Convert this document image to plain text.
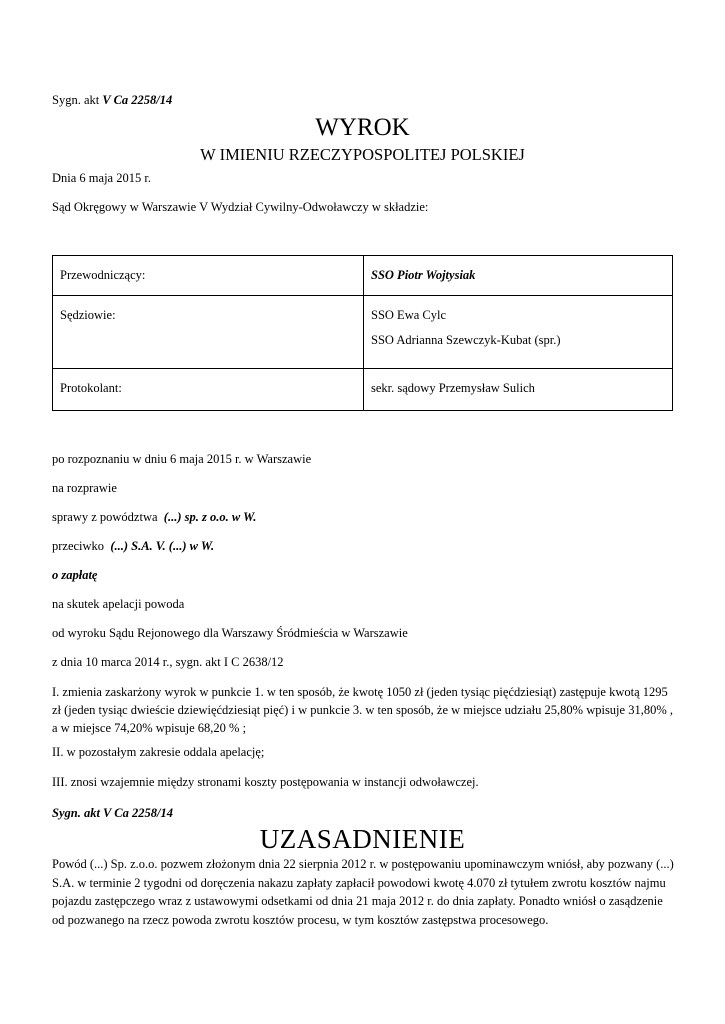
Sygn. akt V Ca 2258/14
WYROK
W IMIENIU RZECZYPOSPOLITEJ POLSKIEJ
Dnia 6 maja 2015 r.
Sąd Okręgowy w Warszawie V Wydział Cywilny-Odwoławczy w składzie:
Przewodniczący:	SSO Piotr Wojtysiak
Sędziowie:	SSO Ewa Cylc
SSO Adrianna Szewczyk-Kubat (spr.)

Protokolant:	sekr. sądowy Przemysław Sulich
po rozpoznaniu w dniu 6 maja 2015 r. w Warszawie
na rozprawie
sprawy z powództwa (...) sp. z o.o. w W.
przeciwko (...) S.A. V. (...) w W.
o zapłatę
na skutek apelacji powoda
od wyroku Sądu Rejonowego dla Warszawy Śródmieścia w Warszawie
z dnia 10 marca 2014 r., sygn. akt I C 2638/12
I. zmienia zaskarżony wyrok w punkcie 1. w ten sposób, że kwotę 1050 zł (jeden tysiąc pięćdziesiąt) zastępuje kwotą 1295 zł (jeden tysiąc dwieście dziewięćdziesiąt pięć) i w punkcie 3. w ten sposób, że w miejsce udziału 25,80% wpisuje 31,80% , a w miejsce 74,20% wpisuje 68,20 % ;
II. w pozostałym zakresie oddala apelację;
III. znosi wzajemnie między stronami koszty postępowania w instancji odwoławczej.
Sygn. akt V Ca 2258/14
UZASADNIENIE
Powód (...) Sp. z.o.o. pozwem złożonym dnia 22 sierpnia 2012 r. w postępowaniu upominawczym wniósł, aby pozwany (...) S.A. w terminie 2 tygodni od doręczenia nakazu zapłaty zapłacił powodowi kwotę 4.070 zł tytułem zwrotu kosztów najmu pojazdu zastępczego wraz z ustawowymi odsetkami od dnia 21 maja 2012 r. do dnia zapłaty. Ponadto wniósł o zasądzenie od pozwanego na rzecz powoda zwrotu kosztów procesu, w tym kosztów zastępstwa procesowego.
